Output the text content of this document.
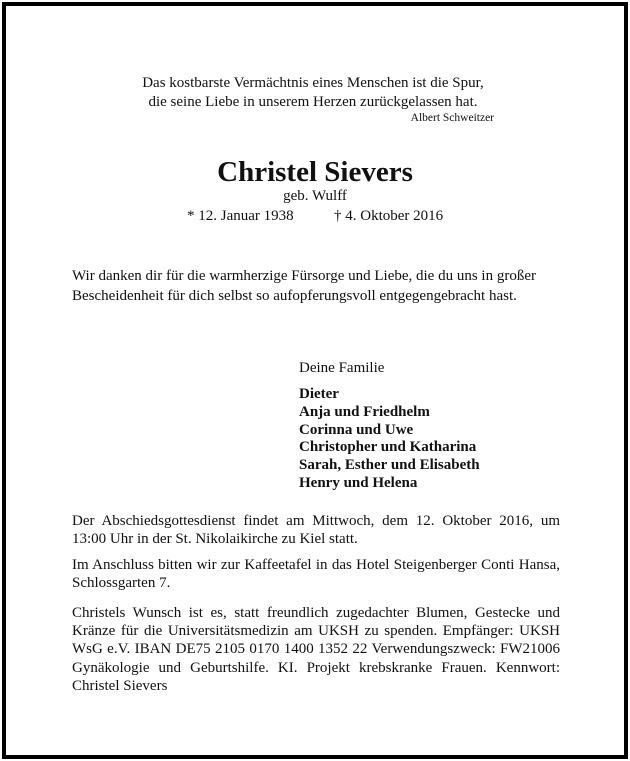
Das kostbarste Vermächtnis eines Menschen ist die Spur,
die seine Liebe in unserem Herzen zurückgelassen hat.
Albert Schweitzer
Christel Sievers
geb. Wulff
* 12. Januar 1938	† 4. Oktober 2016
Wir danken dir für die warmherzige Fürsorge und Liebe, die du uns in großer
Bescheidenheit für dich selbst so aufopferungsvoll entgegengebracht hast.
Deine Familie
Dieter
Anja und Friedhelm
Corinna und Uwe
Christopher und Katharina
Sarah, Esther und Elisabeth
Henry und Helena
Der Abschiedsgottesdienst findet am Mittwoch, dem 12. Oktober 2016, um 13:00 Uhr in der St. Nikolaikirche zu Kiel statt.
Im Anschluss bitten wir zur Kaffeetafel in das Hotel Steigenberger Conti Hansa, Schlossgarten 7.
Christels Wunsch ist es, statt freundlich zugedachter Blumen, Gestecke und Kränze für die Universitätsmedizin am UKSH zu spenden. Empfänger: UKSH WsG e.V. IBAN DE75 2105 0170 1400 1352 22 Verwendungszweck: FW21006 Gynäkologie und Geburtshilfe. KI. Projekt krebskranke Frauen. Kennwort: Christel Sievers
